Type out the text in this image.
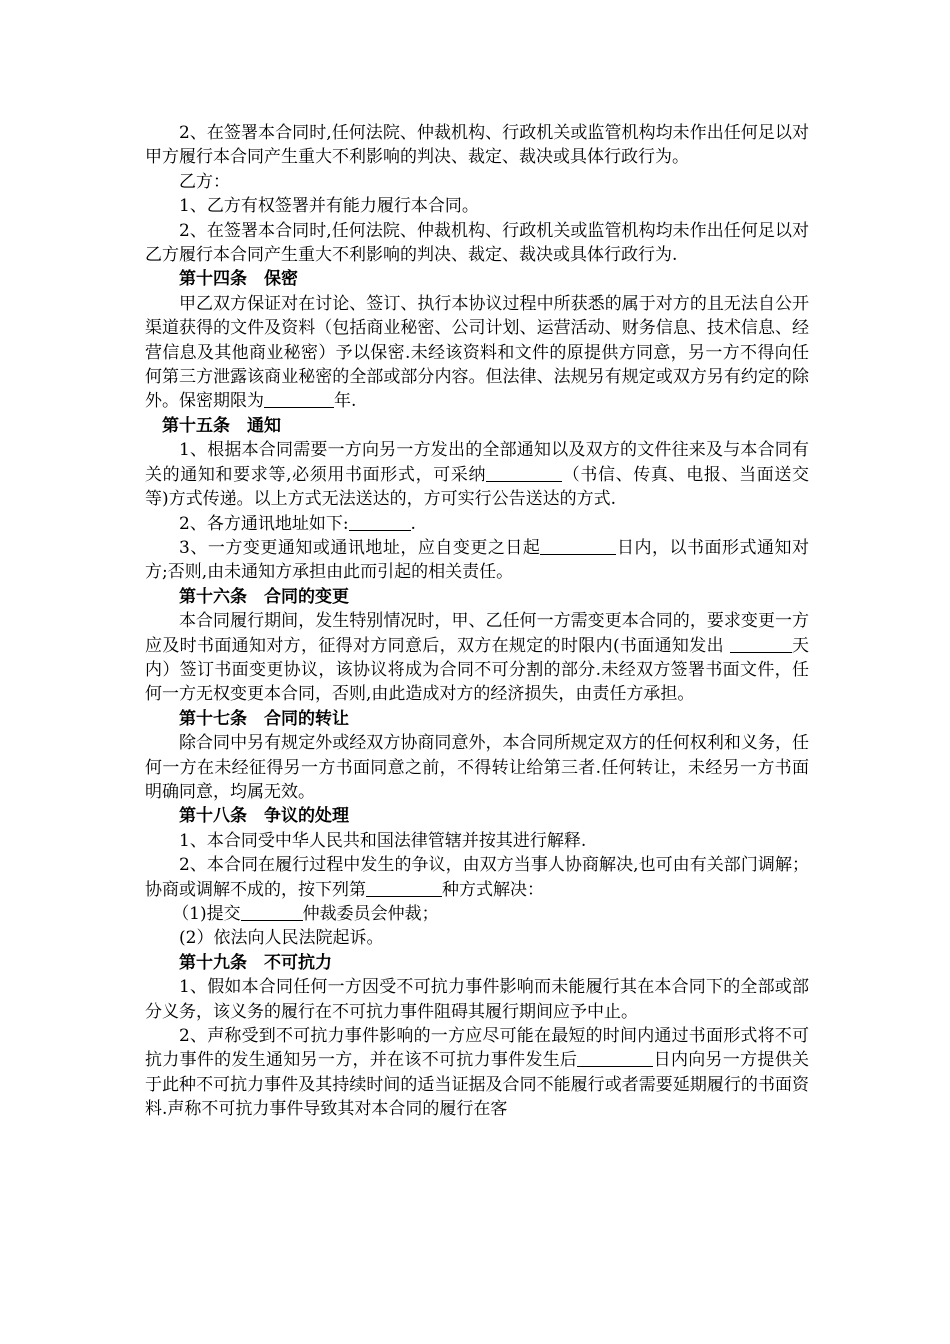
2、在签署本合同时,任何法院、仲裁机构、行政机关或监管机构均未作出任何足以对甲方履行本合同产生重大不利影响的判决、裁定、裁决或具体行政行为。

乙方：

1、乙方有权签署并有能力履行本合同。

2、在签署本合同时,任何法院、仲裁机构、行政机关或监管机构均未作出任何足以对乙方履行本合同产生重大不利影响的判决、裁定、裁决或具体行政行为.

第十四条　保密

甲乙双方保证对在讨论、签订、执行本协议过程中所获悉的属于对方的且无法自公开渠道获得的文件及资料（包括商业秘密、公司计划、运营活动、财务信息、技术信息、经营信息及其他商业秘密）予以保密.未经该资料和文件的原提供方同意，另一方不得向任何第三方泄露该商业秘密的全部或部分内容。但法律、法规另有规定或双方另有约定的除外。保密期限为	年.

第十五条　通知

1、根据本合同需要一方向另一方发出的全部通知以及双方的文件往来及与本合同有关的通知和要求等,必须用书面形式，可采纳	（书信、传真、电报、当面送交等)方式传递。以上方式无法送达的，方可实行公告送达的方式.

2、各方通讯地址如下:	.

3、一方变更通知或通讯地址，应自变更之日起	日内，以书面形式通知对方;否则,由未通知方承担由此而引起的相关责任。

第十六条　合同的变更

本合同履行期间，发生特别情况时，甲、乙任何一方需变更本合同的，要求变更一方应及时书面通知对方，征得对方同意后，双方在规定的时限内(书面通知发出	天内）签订书面变更协议，该协议将成为合同不可分割的部分.未经双方签署书面文件，任何一方无权变更本合同，否则,由此造成对方的经济损失，由责任方承担。

第十七条　合同的转让

除合同中另有规定外或经双方协商同意外，本合同所规定双方的任何权利和义务，任何一方在未经征得另一方书面同意之前，不得转让给第三者.任何转让，未经另一方书面明确同意，均属无效。

第十八条　争议的处理

1、本合同受中华人民共和国法律管辖并按其进行解释.

2、本合同在履行过程中发生的争议，由双方当事人协商解决,也可由有关部门调解；协商或调解不成的，按下列第	种方式解决：

（1)提交	仲裁委员会仲裁；

(2）依法向人民法院起诉。

第十九条　不可抗力

1、假如本合同任何一方因受不可抗力事件影响而未能履行其在本合同下的全部或部分义务，该义务的履行在不可抗力事件阻碍其履行期间应予中止。

2、声称受到不可抗力事件影响的一方应尽可能在最短的时间内通过书面形式将不可抗力事件的发生通知另一方，并在该不可抗力事件发生后	日内向另一方提供关于此种不可抗力事件及其持续时间的适当证据及合同不能履行或者需要延期履行的书面资料.声称不可抗力事件导致其对本合同的履行在客
